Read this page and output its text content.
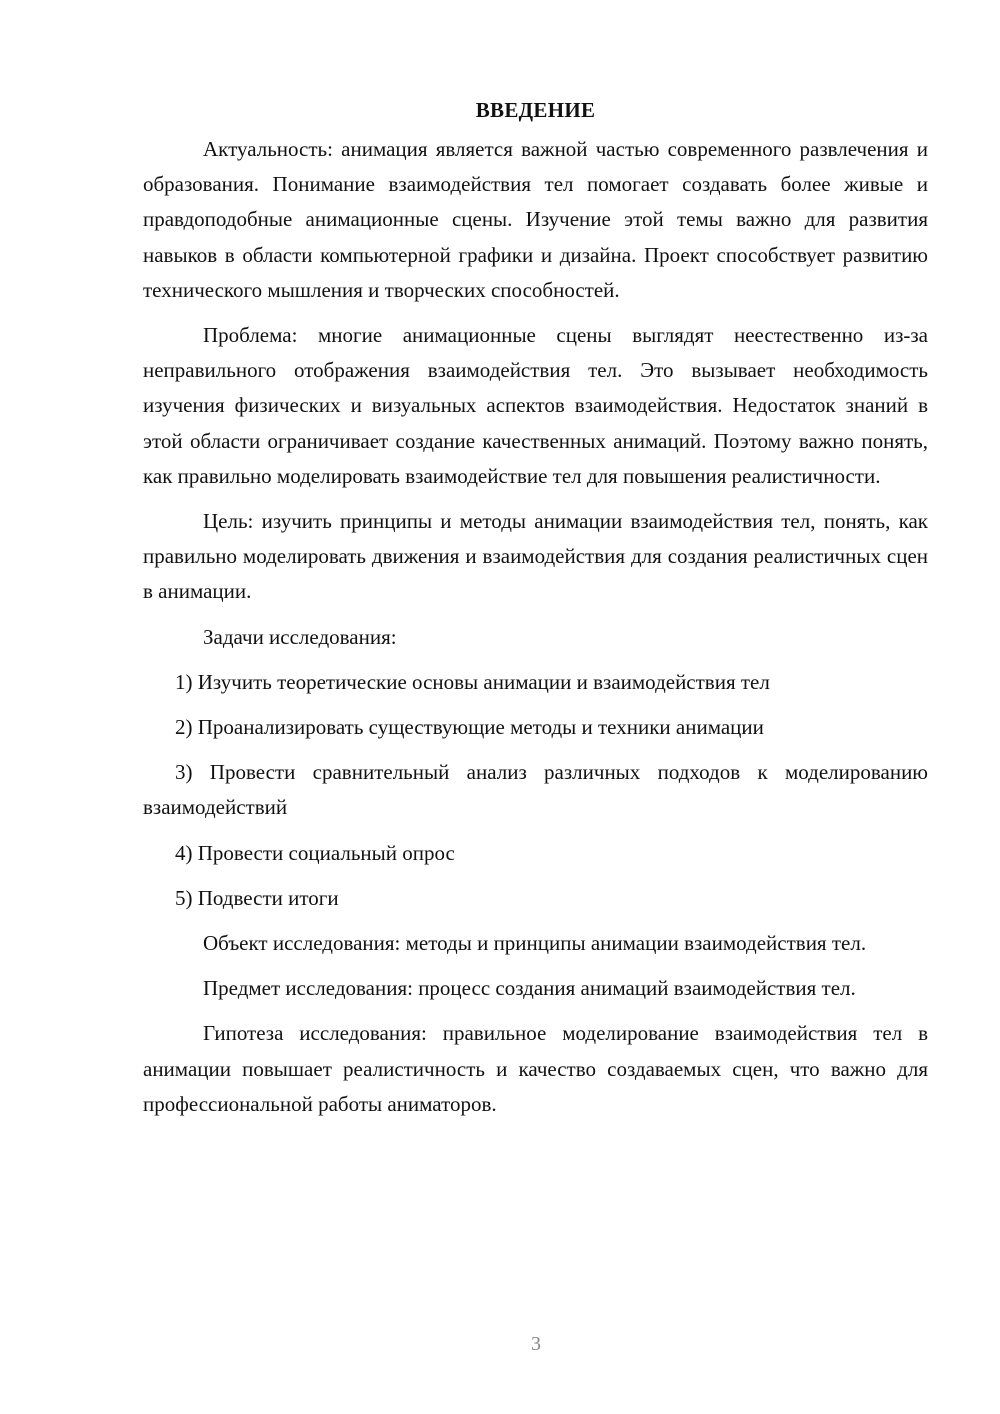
ВВЕДЕНИЕ

Актуальность: анимация является важной частью современного развлечения и образования. Понимание взаимодействия тел помогает создавать более живые и правдоподобные анимационные сцены. Изучение этой темы важно для развития навыков в области компьютерной графики и дизайна. Проект способствует развитию технического мышления и творческих способностей.

Проблема: многие анимационные сцены выглядят неестественно из-за неправильного отображения взаимодействия тел. Это вызывает необходимость изучения физических и визуальных аспектов взаимодействия. Недостаток знаний в этой области ограничивает создание качественных анимаций. Поэтому важно понять, как правильно моделировать взаимодействие тел для повышения реалистичности.

Цель: изучить принципы и методы анимации взаимодействия тел, понять, как правильно моделировать движения и взаимодействия для создания реалистичных сцен в анимации.

Задачи исследования:

1) Изучить теоретические основы анимации и взаимодействия тел

2) Проанализировать существующие методы и техники анимации

3) Провести сравнительный анализ различных подходов к моделированию взаимодействий

4) Провести социальный опрос

5) Подвести итоги

Объект исследования: методы и принципы анимации взаимодействия тел.

Предмет исследования: процесс создания анимаций взаимодействия тел.

Гипотеза исследования: правильное моделирование взаимодействия тел в анимации повышает реалистичность и качество создаваемых сцен, что важно для профессиональной работы аниматоров.

3
